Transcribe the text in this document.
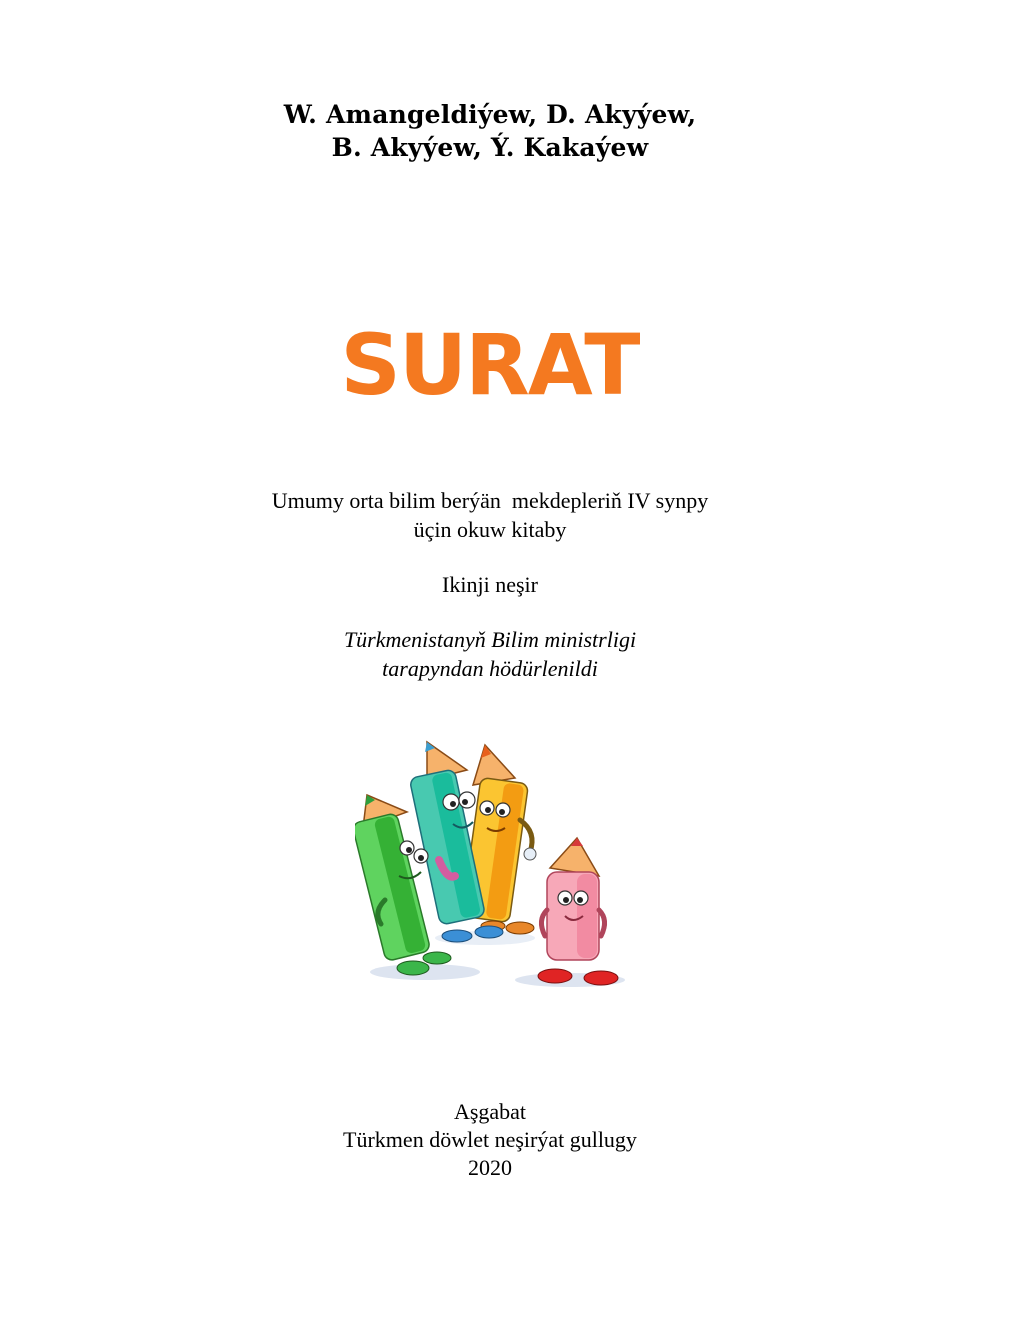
W. Amangeldiýew, D. Akyýew,
B. Akyýew, Ý. Kakaýew
SURAT
Umumy orta bilim berýän  mekdepleriň IV synpy
üçin okuw kitaby
Ikinji neşir
Türkmenistanyň Bilim ministrligi
tarapyndan hödürlenildi
Aşgabat
Türkmen döwlet neşirýat gullugy
2020
